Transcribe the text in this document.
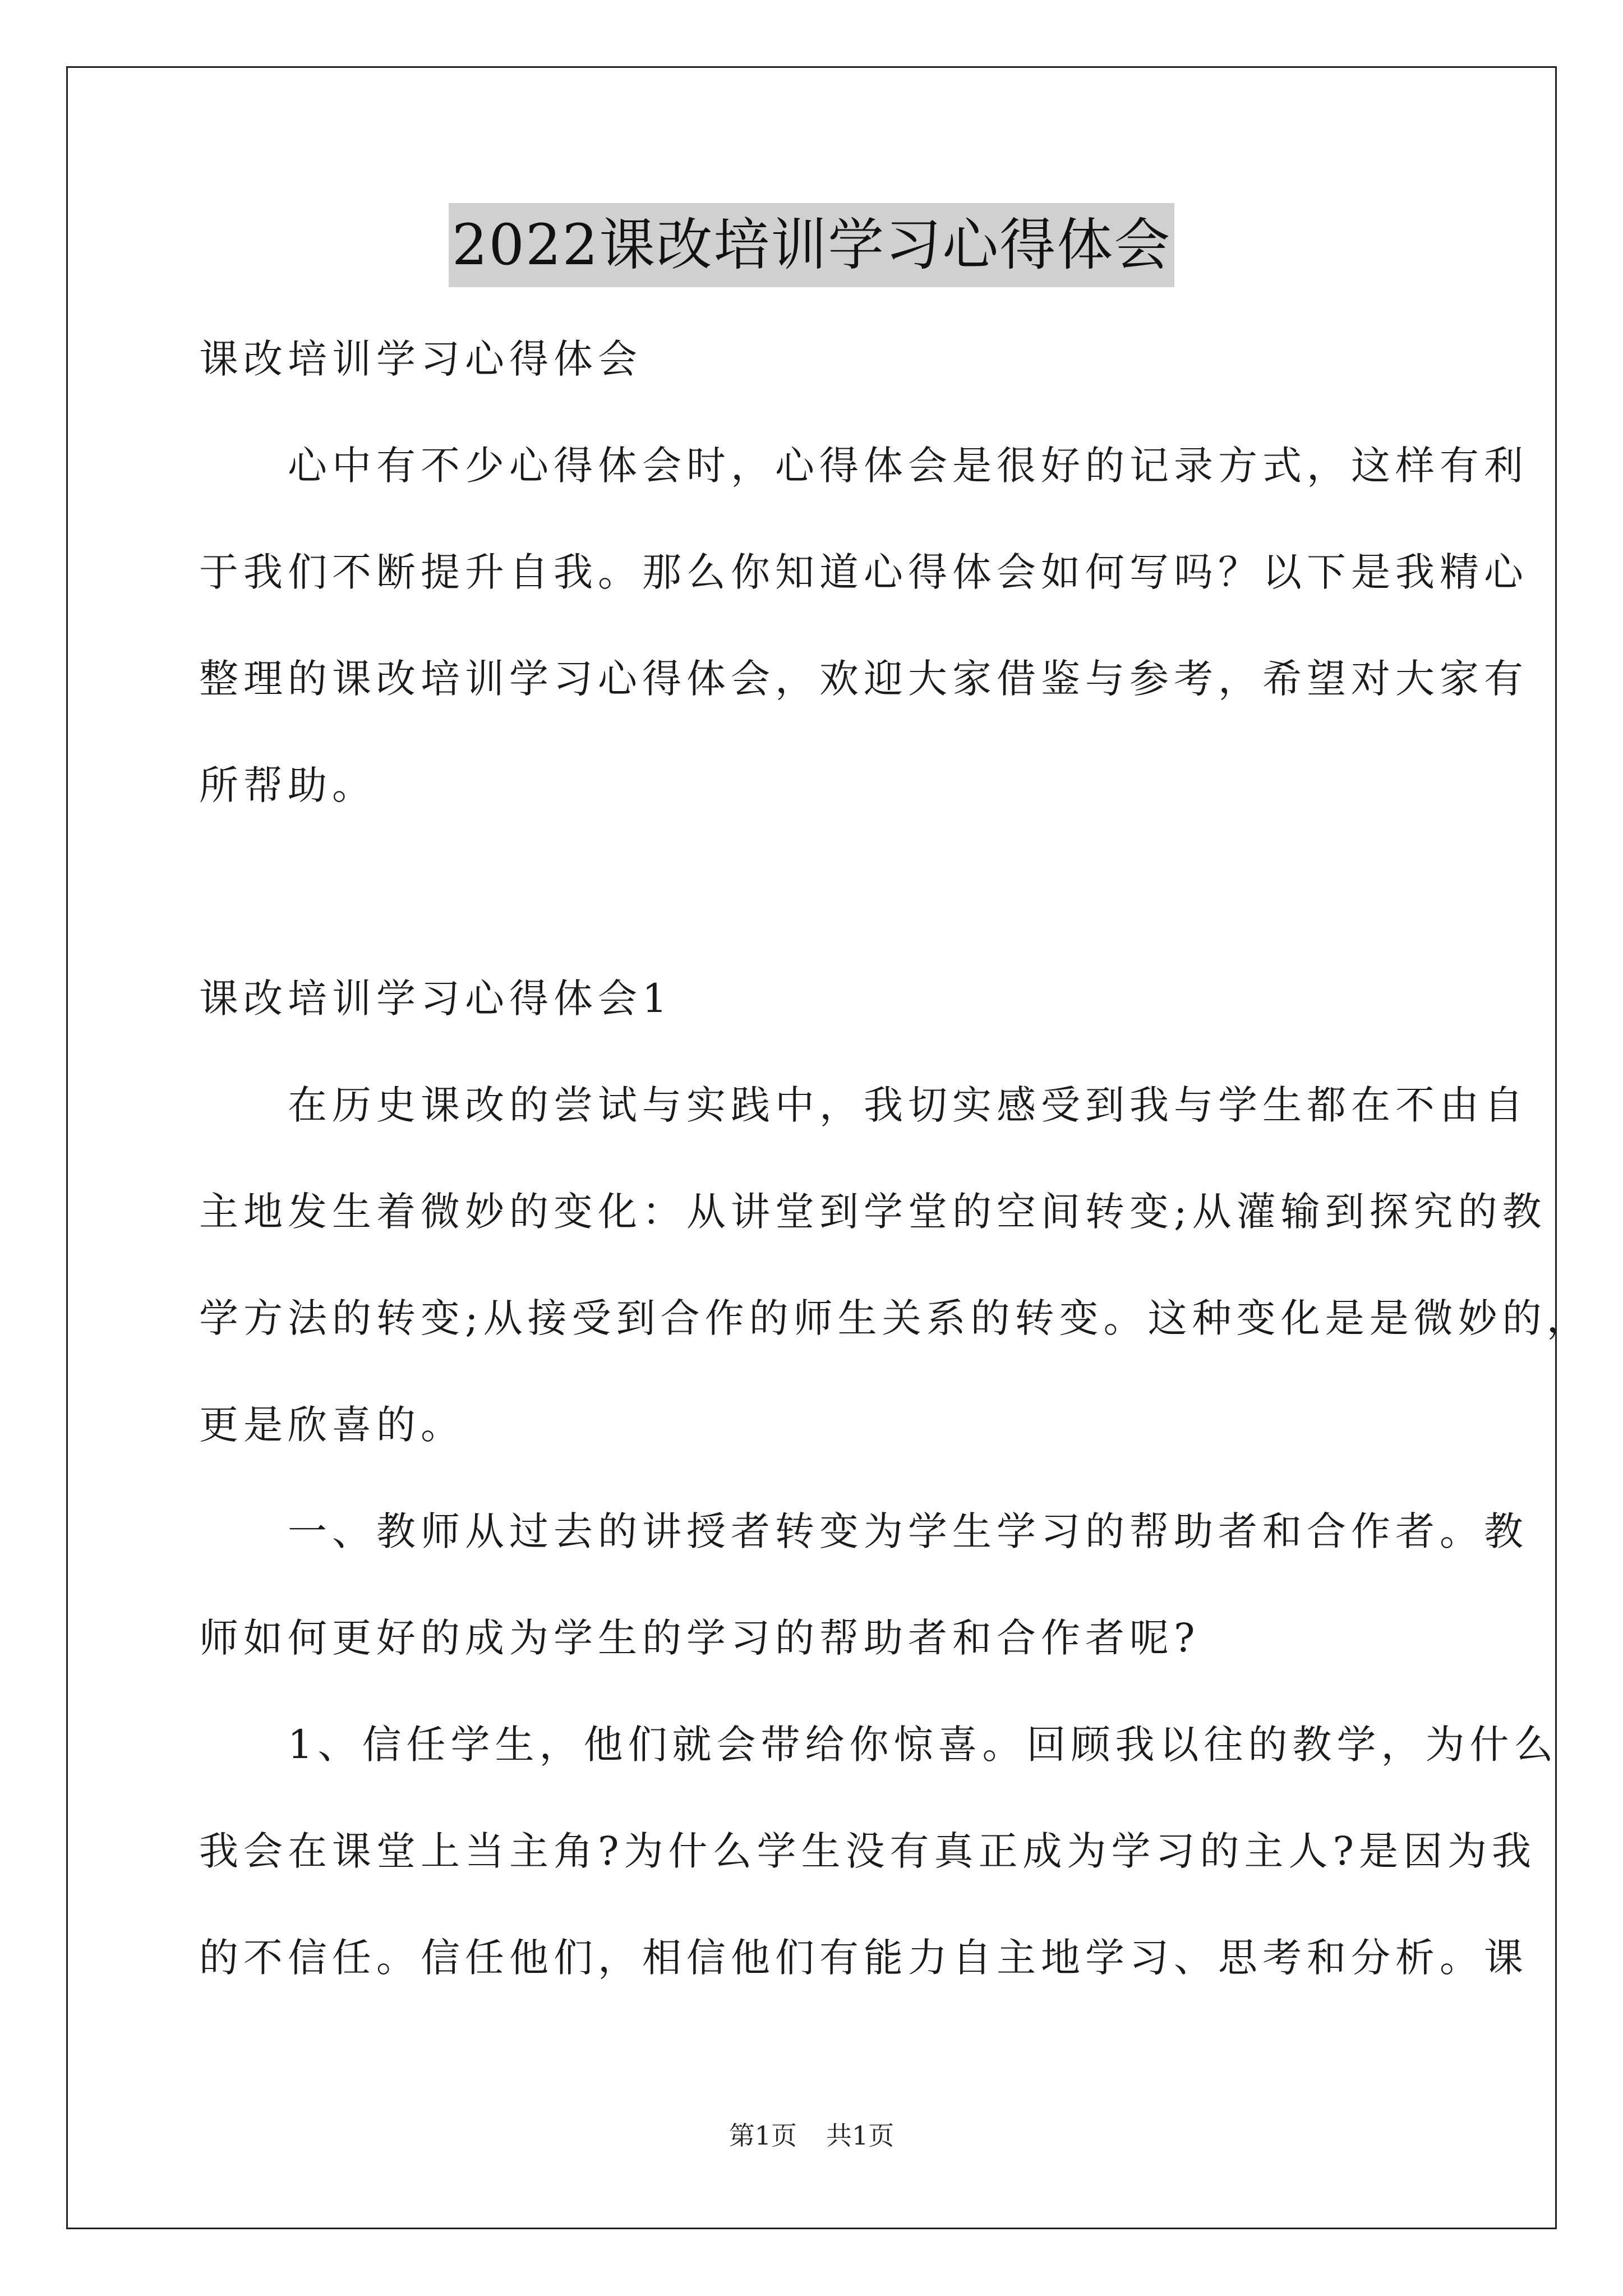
2022课改培训学习心得体会
课改培训学习心得体会
　　心中有不少心得体会时，心得体会是很好的记录方式，这样有利
于我们不断提升自我。那么你知道心得体会如何写吗？以下是我精心
整理的课改培训学习心得体会，欢迎大家借鉴与参考，希望对大家有
所帮助。
课改培训学习心得体会1
　　在历史课改的尝试与实践中，我切实感受到我与学生都在不由自
主地发生着微妙的变化：从讲堂到学堂的空间转变;从灌输到探究的教
学方法的转变;从接受到合作的师生关系的转变。这种变化是是微妙的，
更是欣喜的。
　　一、教师从过去的讲授者转变为学生学习的帮助者和合作者。教
师如何更好的成为学生的学习的帮助者和合作者呢?
　　1、信任学生，他们就会带给你惊喜。回顾我以往的教学，为什么
我会在课堂上当主角?为什么学生没有真正成为学习的主人?是因为我
的不信任。信任他们，相信他们有能力自主地学习、思考和分析。课
第1页 共1页
